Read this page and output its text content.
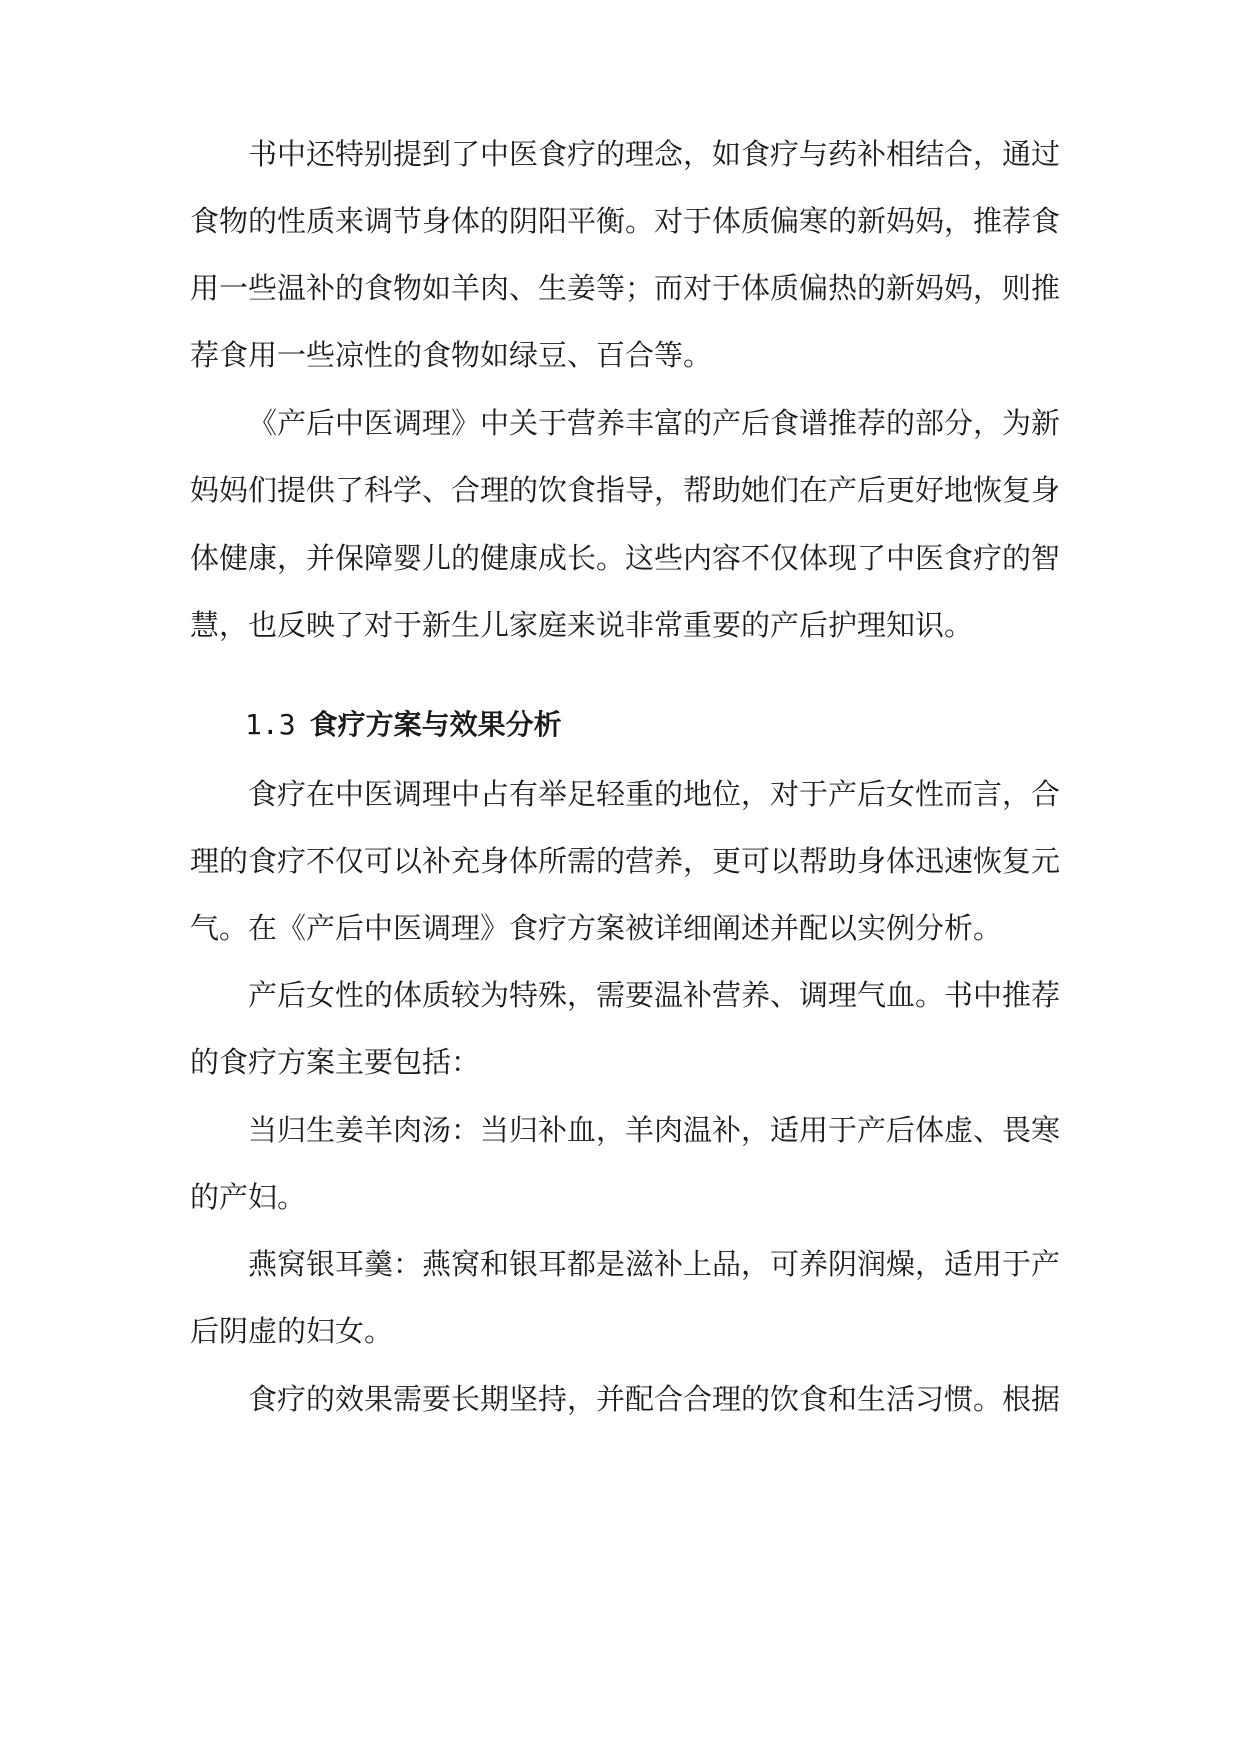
书中还特别提到了中医食疗的理念，如食疗与药补相结合，通过

食物的性质来调节身体的阴阳平衡。对于体质偏寒的新妈妈，推荐食

用一些温补的食物如羊肉、生姜等；而对于体质偏热的新妈妈，则推

荐食用一些凉性的食物如绿豆、百合等。

《产后中医调理》中关于营养丰富的产后食谱推荐的部分，为新

妈妈们提供了科学、合理的饮食指导，帮助她们在产后更好地恢复身

体健康，并保障婴儿的健康成长。这些内容不仅体现了中医食疗的智

慧，也反映了对于新生儿家庭来说非常重要的产后护理知识。

1.3 食疗方案与效果分析

食疗在中医调理中占有举足轻重的地位，对于产后女性而言，合

理的食疗不仅可以补充身体所需的营养，更可以帮助身体迅速恢复元

气。在《产后中医调理》食疗方案被详细阐述并配以实例分析。

产后女性的体质较为特殊，需要温补营养、调理气血。书中推荐

的食疗方案主要包括：

当归生姜羊肉汤：当归补血，羊肉温补，适用于产后体虚、畏寒

的产妇。

燕窝银耳羹：燕窝和银耳都是滋补上品，可养阴润燥，适用于产

后阴虚的妇女。

食疗的效果需要长期坚持，并配合合理的饮食和生活习惯。根据
